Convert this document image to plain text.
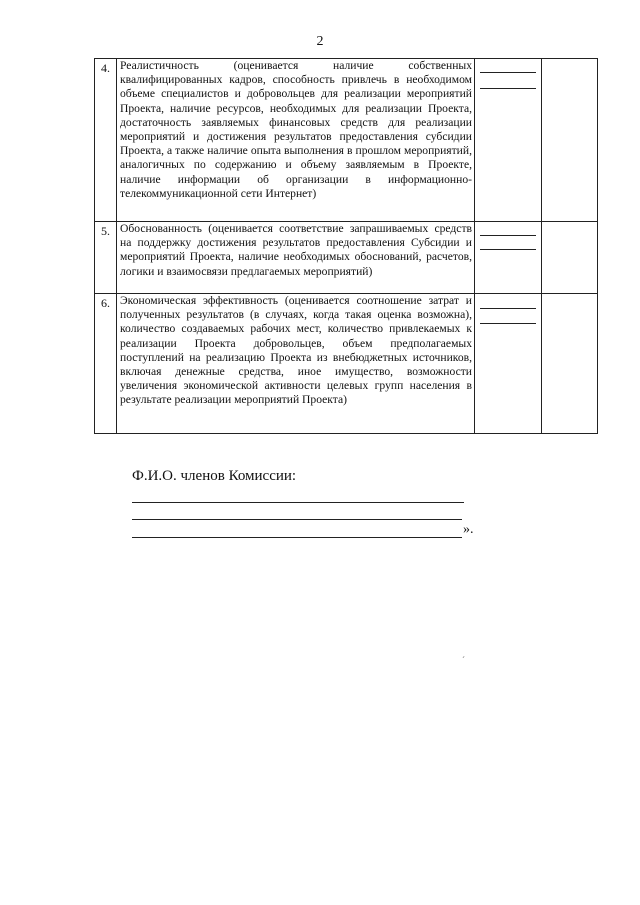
2
4.	Реалистичность (оценивается наличие собственных квалифицированных кадров, способность привлечь в необходимом объеме специалистов и добровольцев для реализации мероприятий Проекта, наличие ресурсов, необходимых для реализации Проекта, достаточность заявляемых финансовых средств для реализации мероприятий и достижения результатов предоставления субсидии Проекта, а также наличие опыта выполнения в прошлом мероприятий, аналогичных по содержанию и объему заявляемым в Проекте, наличие информации об организации в информационно-телекоммуникационной сети Интернет)	

5.	Обоснованность (оценивается соответствие запрашиваемых средств на поддержку достижения результатов предоставления Субсидии и мероприятий Проекта, наличие необходимых обоснований, расчетов, логики и взаимосвязи предлагаемых мероприятий)	

6.	Экономическая эффективность (оценивается соотношение затрат и полученных результатов (в случаях, когда такая оценка возможна), количество создаваемых рабочих мест, количество привлекаемых к реализации Проекта добровольцев, объем предполагаемых поступлений на реализацию Проекта из внебюджетных источников, включая денежные средства, иное имущество, возможности увеличения экономической активности целевых групп населения в результате реализации мероприятий Проекта)	

Ф.И.О. членов Комиссии:
».
ˊ
